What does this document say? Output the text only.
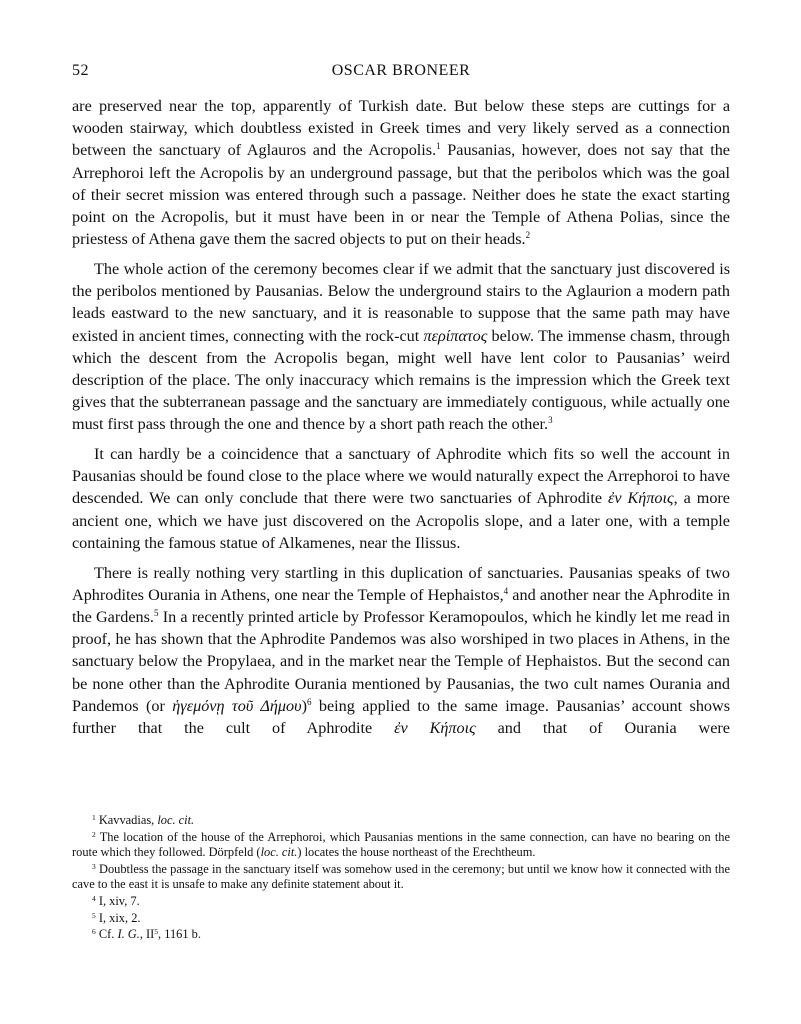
52	OSCAR BRONEER

are preserved near the top, apparently of Turkish date. But below these steps are cuttings for a wooden stairway, which doubtless existed in Greek times and very likely served as a connection between the sanctuary of Aglauros and the Acropolis.$^1$ Pausanias, however, does not say that the Arrephoroi left the Acropolis by an underground passage, but that the peribolos which was the goal of their secret mission was entered through such a passage. Neither does he state the exact starting point on the Acropolis, but it must have been in or near the Temple of Athena Polias, since the priestess of Athena gave them the sacred objects to put on their heads.$^2$

The whole action of the ceremony becomes clear if we admit that the sanctuary just discovered is the peribolos mentioned by Pausanias. Below the underground stairs to the Aglaurion a modern path leads eastward to the new sanctuary, and it is reasonable to suppose that the same path may have existed in ancient times, connecting with the rock-cut περίπατος below. The immense chasm, through which the descent from the Acropolis began, might well have lent color to Pausanias’ weird description of the place. The only inaccuracy which remains is the impression which the Greek text gives that the subterranean passage and the sanctuary are immediately contiguous, while actually one must first pass through the one and thence by a short path reach the other.$^3$

It can hardly be a coincidence that a sanctuary of Aphrodite which fits so well the account in Pausanias should be found close to the place where we would naturally expect the Arrephoroi to have descended. We can only conclude that there were two sanctuaries of Aphrodite ἐν Κήποις, a more ancient one, which we have just discovered on the Acropolis slope, and a later one, with a temple containing the famous statue of Alkamenes, near the Ilissus.

There is really nothing very startling in this duplication of sanctuaries. Pausanias speaks of two Aphrodites Ourania in Athens, one near the Temple of Hephaistos,$^4$ and another near the Aphrodite in the Gardens.$^5$ In a recently printed article by Professor Keramopoulos, which he kindly let me read in proof, he has shown that the Aphrodite Pandemos was also worshiped in two places in Athens, in the sanctuary below the Propylaea, and in the market near the Temple of Hephaistos. But the second can be none other than the Aphrodite Ourania mentioned by Pausanias, the two cult names Ourania and Pandemos (or ἡγεμόνῃ τοῦ Δήμου)$^6$ being applied to the same image. Pausanias’ account shows further that the cult of Aphrodite ἐν Κήποις and that of Ourania were

$^1$ Kavvadias, loc. cit.
$^2$ The location of the house of the Arrephoroi, which Pausanias mentions in the same connection, can have no bearing on the route which they followed. Dörpfeld (loc. cit.) locates the house northeast of the Erechtheum.
$^3$ Doubtless the passage in the sanctuary itself was somehow used in the ceremony; but until we know how it connected with the cave to the east it is unsafe to make any definite statement about it.
$^4$ I, xiv, 7.
$^5$ I, xix, 2.
$^6$ Cf. I. G., $II^5$, 1161 b.
